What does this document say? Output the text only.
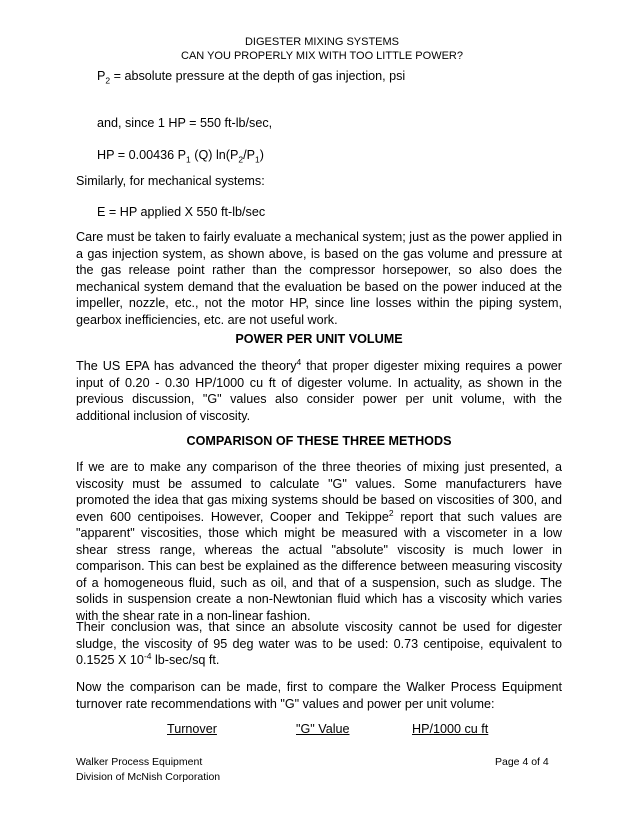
DIGESTER MIXING SYSTEMS
CAN YOU PROPERLY MIX WITH TOO LITTLE POWER?
$P_2$ = absolute pressure at the depth of gas injection, psi
and, since 1 HP = 550 ft-lb/sec,
HP = 0.00436 $P_1$ (Q) $\ln(P_2/P_1)$
Similarly, for mechanical systems:
E = HP applied X 550 ft-lb/sec
Care must be taken to fairly evaluate a mechanical system; just as the power applied in a gas injection system, as shown above, is based on the gas volume and pressure at the gas release point rather than the compressor horsepower, so also does the mechanical system demand that the evaluation be based on the power induced at the impeller, nozzle, etc., not the motor HP, since line losses within the piping system, gearbox inefficiencies, etc. are not useful work.
POWER PER UNIT VOLUME
The US EPA has advanced the theory$^4$ that proper digester mixing requires a power input of 0.20 - 0.30 HP/1000 cu ft of digester volume. In actuality, as shown in the previous discussion, "G" values also consider power per unit volume, with the additional inclusion of viscosity.
COMPARISON OF THESE THREE METHODS
If we are to make any comparison of the three theories of mixing just presented, a viscosity must be assumed to calculate "G" values. Some manufacturers have promoted the idea that gas mixing systems should be based on viscosities of 300, and even 600 centipoises. However, Cooper and Tekippe$^2$ report that such values are "apparent" viscosities, those which might be measured with a viscometer in a low shear stress range, whereas the actual "absolute" viscosity is much lower in comparison. This can best be explained as the difference between measuring viscosity of a homogeneous fluid, such as oil, and that of a suspension, such as sludge. The solids in suspension create a non-Newtonian fluid which has a viscosity which varies with the shear rate in a non-linear fashion.
Their conclusion was, that since an absolute viscosity cannot be used for digester sludge, the viscosity of 95 deg water was to be used: 0.73 centipoise, equivalent to 0.1525 X $10^{-4}$ lb-sec/sq ft.
Now the comparison can be made, first to compare the Walker Process Equipment turnover rate recommendations with "G" values and power per unit volume:
Turnover	"G" Value	HP/1000 cu ft
Walker Process Equipment
Division of McNish Corporation
Page 4 of 4
